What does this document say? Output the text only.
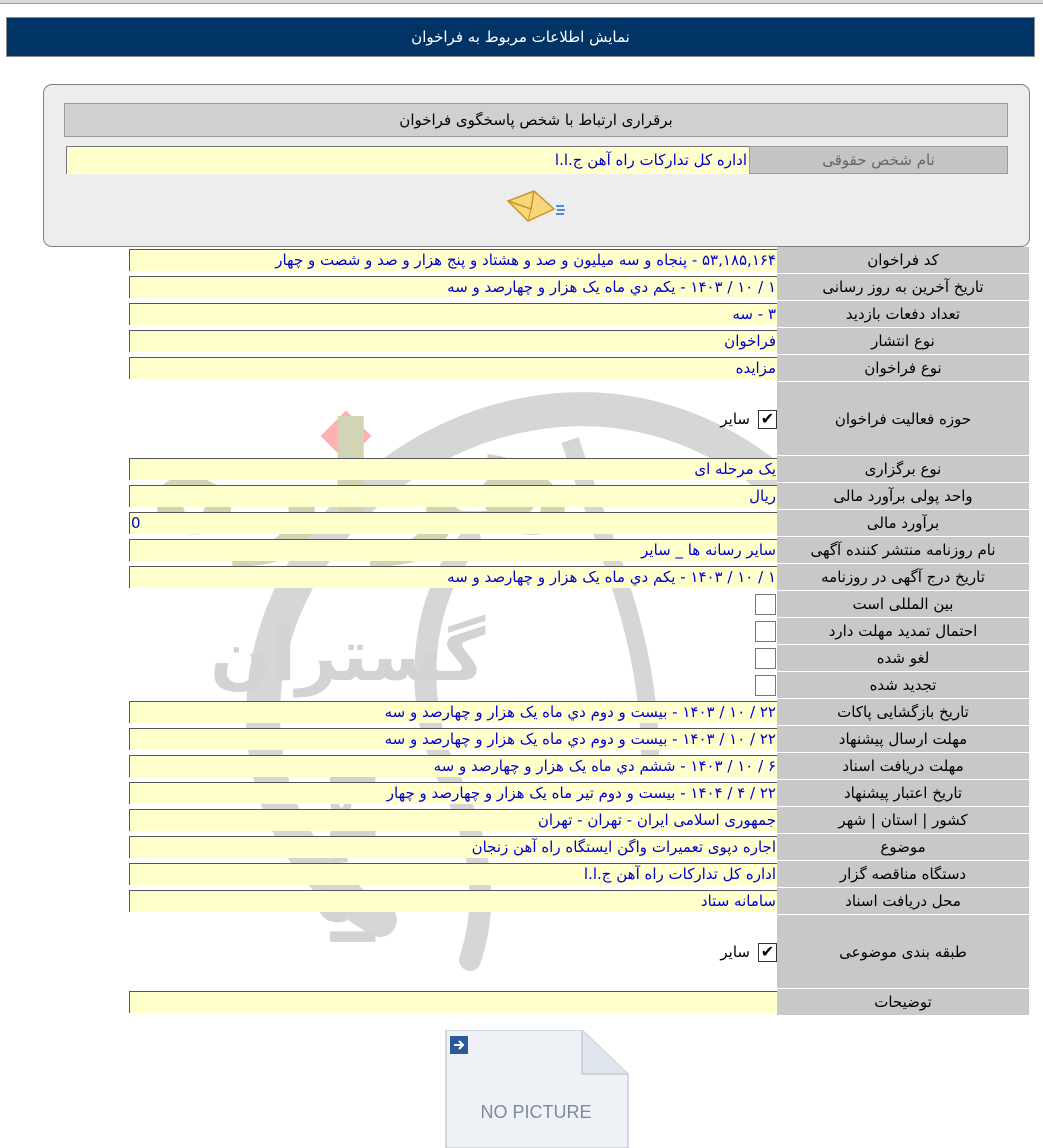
نمایش اطلاعات مربوط به فراخوان
برقراری ارتباط با شخص پاسخگوی فراخوان
اداره کل تدارکات راه آهن ج.ا.ا	نام شخص حقوقی
گستران
کد فراخوان
۵۳,۱۸۵,۱۶۴ - پنجاه و سه میلیون و صد و هشتاد و پنج هزار و صد و شصت و چهار
تاریخ آخرین به روز رسانی
۱ / ۱۰ / ۱۴۰۳ - یکم دي ماه یک هزار و چهارصد و سه
تعداد دفعات بازدید
۳ - سه
نوع انتشار
فراخوان
نوع فراخوان
مزایده
حوزه فعالیت فراخوان
✔
سایر
نوع برگزاری
یک مرحله ای
واحد پولی برآورد مالی
ریال
برآورد مالی
0
نام روزنامه منتشر کننده آگهی
سایر رسانه ها _ سایر
تاریخ درج آگهی در روزنامه
۱ / ۱۰ / ۱۴۰۳ - یکم دي ماه یک هزار و چهارصد و سه
بین المللی است
احتمال تمدید مهلت دارد
لغو شده
تجدید شده
تاریخ بازگشایی پاکات
۲۲ / ۱۰ / ۱۴۰۳ - بیست و دوم دي ماه یک هزار و چهارصد و سه
مهلت ارسال پیشنهاد
۲۲ / ۱۰ / ۱۴۰۳ - بیست و دوم دي ماه یک هزار و چهارصد و سه
مهلت دریافت اسناد
۶ / ۱۰ / ۱۴۰۳ - ششم دي ماه یک هزار و چهارصد و سه
تاریخ اعتبار پیشنهاد
۲۲ / ۴ / ۱۴۰۴ - بیست و دوم تیر ماه یک هزار و چهارصد و چهار
کشور | استان | شهر
جمهوری اسلامی ایران - تهران - تهران
موضوع
اجاره دپوی تعمیرات واگن ایستگاه راه آهن زنجان
دستگاه مناقصه گزار
اداره کل تدارکات راه آهن ج.ا.ا
محل دریافت اسناد
سامانه ستاد
طبقه بندی موضوعی
✔
سایر
توضیحات
NO PICTURE
